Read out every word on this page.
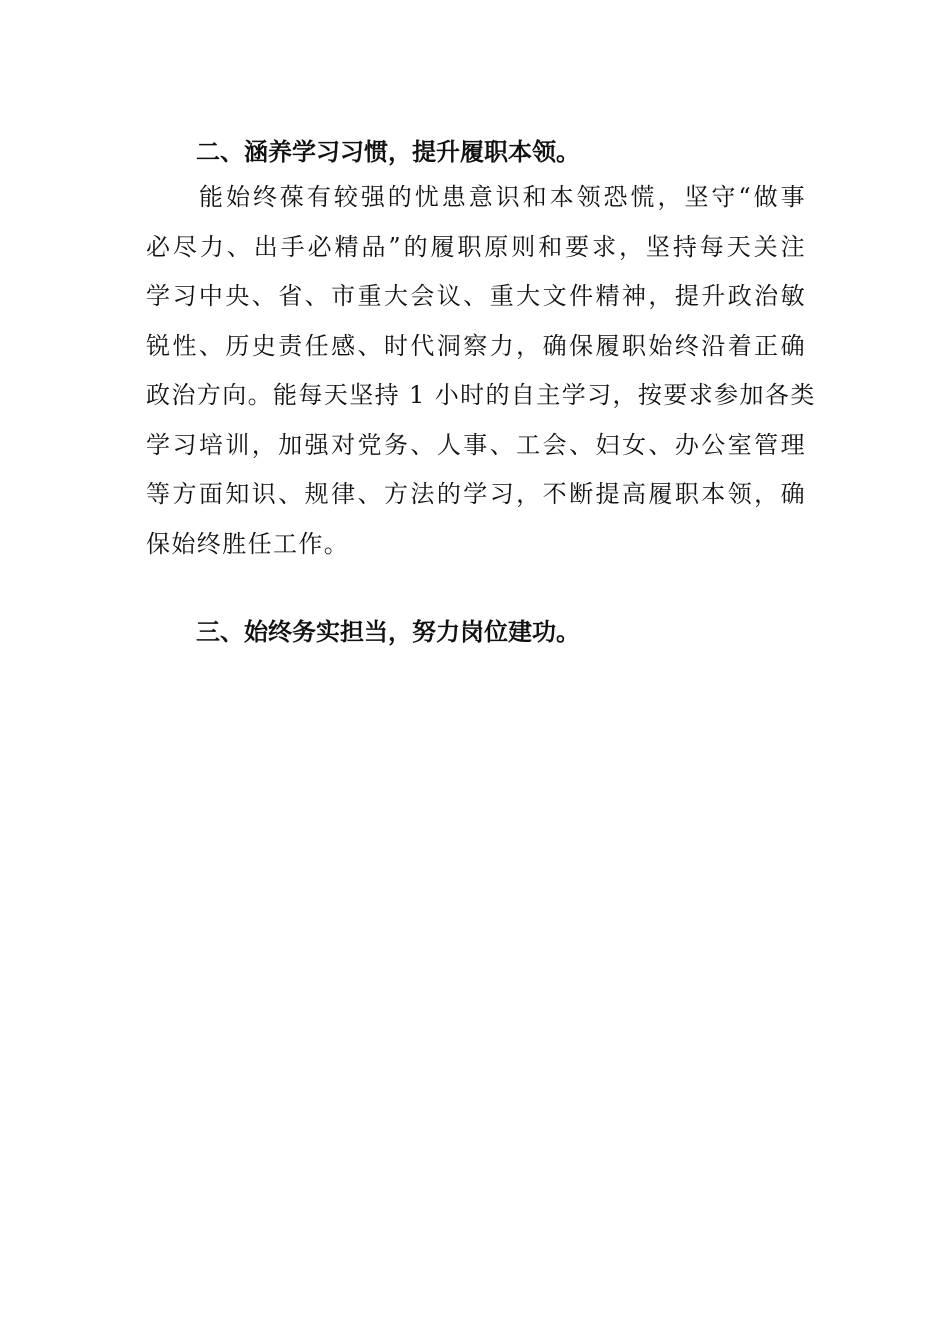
二、涵养学习习惯，提升履职本领。
能始终葆有较强的忧患意识和本领恐慌，坚守“做事
必尽力、出手必精品”的履职原则和要求，坚持每天关注
学习中央、省、市重大会议、重大文件精神，提升政治敏
锐性、历史责任感、时代洞察力，确保履职始终沿着正确
政治方向。能每天坚持 1 小时的自主学习，按要求参加各类
学习培训，加强对党务、人事、工会、妇女、办公室管理
等方面知识、规律、方法的学习，不断提高履职本领，确
保始终胜任工作。
三、始终务实担当，努力岗位建功。
